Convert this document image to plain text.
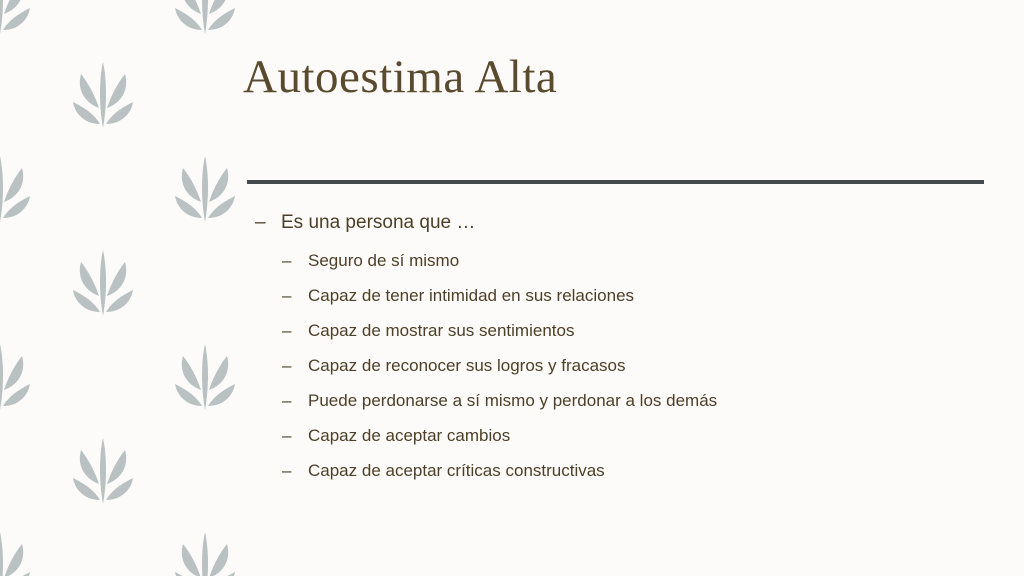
Autoestima Alta
– Es una persona que …
– Seguro de sí mismo
– Capaz de tener intimidad en sus relaciones
– Capaz de mostrar sus sentimientos
– Capaz de reconocer sus logros y fracasos
– Puede perdonarse a sí mismo y perdonar a los demás
– Capaz de aceptar cambios
– Capaz de aceptar críticas constructivas
